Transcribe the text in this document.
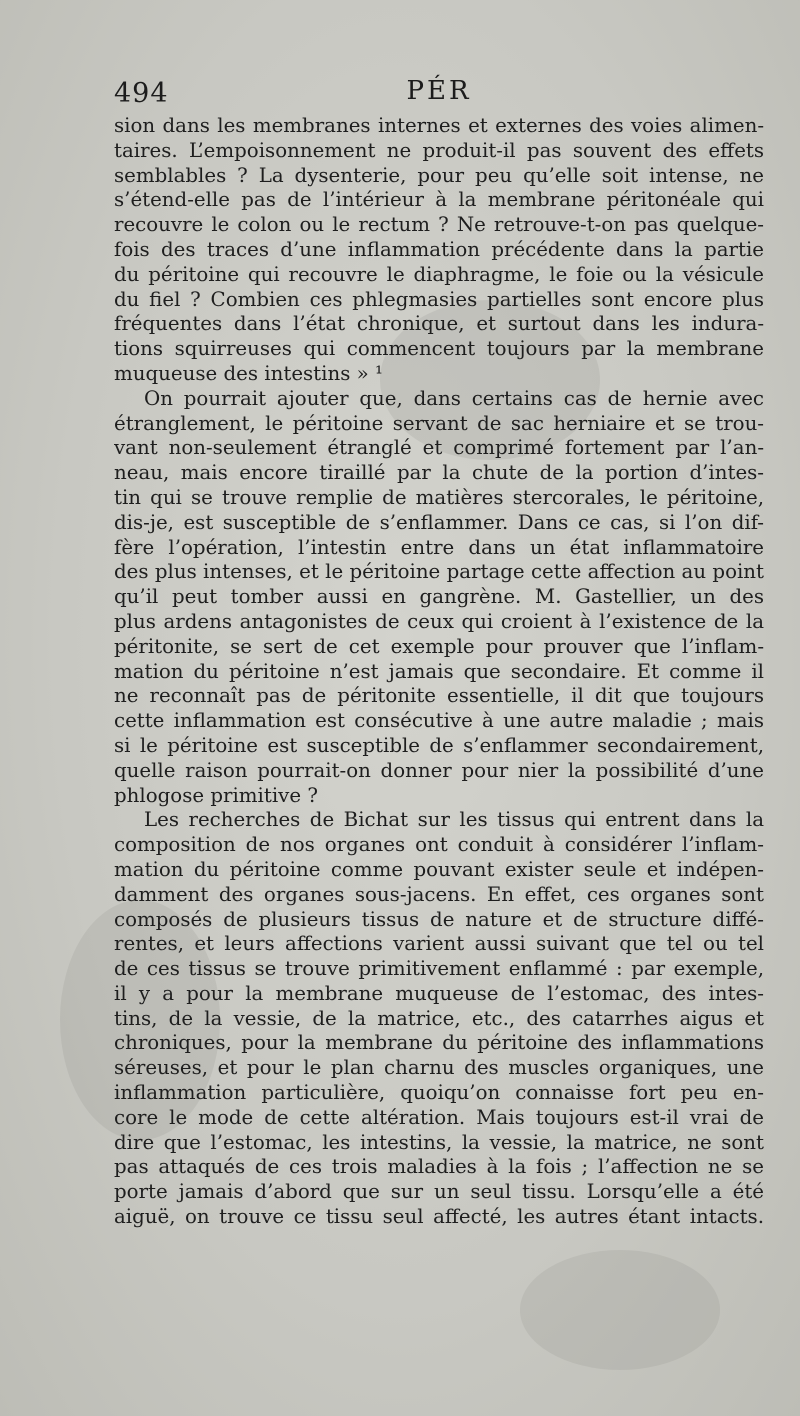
494	PÉR
sion dans les membranes internes et externes des voies alimen-
taires. L’empoisonnement ne produit-il pas souvent des effets
semblables ? La dysenterie, pour peu qu’elle soit intense, ne
s’étend-elle pas de l’intérieur à la membrane péritonéale qui
recouvre le colon ou le rectum ? Ne retrouve-t-on pas quelque-
fois des traces d’une inflammation précédente dans la partie
du péritoine qui recouvre le diaphragme, le foie ou la vésicule
du fiel ? Combien ces phlegmasies partielles sont encore plus
fréquentes dans l’état chronique, et surtout dans les indura-
tions squirreuses qui commencent toujours par la membrane
muqueuse des intestins » ¹
On pourrait ajouter que, dans certains cas de hernie avec
étranglement, le péritoine servant de sac herniaire et se trou-
vant non-seulement étranglé et comprimé fortement par l’an-
neau, mais encore tiraillé par la chute de la portion d’intes-
tin qui se trouve remplie de matières stercorales, le péritoine,
dis-je, est susceptible de s’enflammer. Dans ce cas, si l’on dif-
fère l’opération, l’intestin entre dans un état inflammatoire
des plus intenses, et le péritoine partage cette affection au point
qu’il peut tomber aussi en gangrène. M. Gastellier, un des
plus ardens antagonistes de ceux qui croient à l’existence de la
péritonite, se sert de cet exemple pour prouver que l’inflam-
mation du péritoine n’est jamais que secondaire. Et comme il
ne reconnaît pas de péritonite essentielle, il dit que toujours
cette inflammation est consécutive à une autre maladie ; mais
si le péritoine est susceptible de s’enflammer secondairement,
quelle raison pourrait-on donner pour nier la possibilité d’une
phlogose primitive ?
Les recherches de Bichat sur les tissus qui entrent dans la
composition de nos organes ont conduit à considérer l’inflam-
mation du péritoine comme pouvant exister seule et indépen-
damment des organes sous-jacens. En effet, ces organes sont
composés de plusieurs tissus de nature et de structure diffé-
rentes, et leurs affections varient aussi suivant que tel ou tel
de ces tissus se trouve primitivement enflammé : par exemple,
il y a pour la membrane muqueuse de l’estomac, des intes-
tins, de la vessie, de la matrice, etc., des catarrhes aigus et
chroniques, pour la membrane du péritoine des inflammations
séreuses, et pour le plan charnu des muscles organiques, une
inflammation particulière, quoiqu’on connaisse fort peu en-
core le mode de cette altération. Mais toujours est-il vrai de
dire que l’estomac, les intestins, la vessie, la matrice, ne sont
pas attaqués de ces trois maladies à la fois ; l’affection ne se
porte jamais d’abord que sur un seul tissu. Lorsqu’elle a été
aiguë, on trouve ce tissu seul affecté, les autres étant intacts.
